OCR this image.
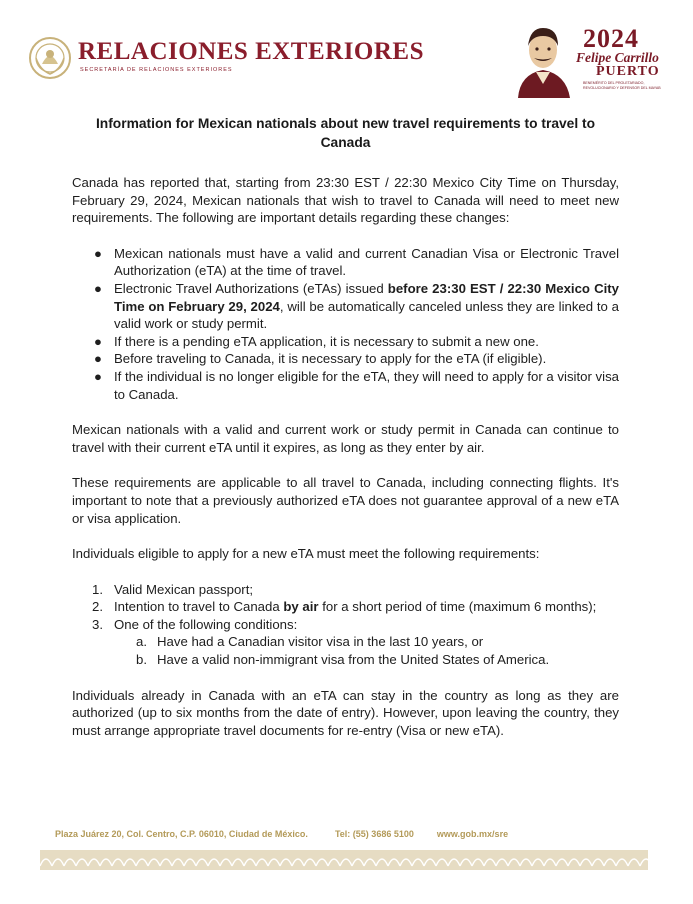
RELACIONES EXTERIORES
SECRETARÍA DE RELACIONES EXTERIORES
2024
Felipe Carrillo
PUERTO
BENEMÉRITO DEL PROLETARIADO, REVOLUCIONARIO Y DEFENSOR DEL MAYAB
Information for Mexican nationals about new travel requirements to travel to Canada

Canada has reported that, starting from 23:30 EST / 22:30 Mexico City Time on Thursday, February 29, 2024, Mexican nationals that wish to travel to Canada will need to meet new requirements. The following are important details regarding these changes:

● Mexican nationals must have a valid and current Canadian Visa or Electronic Travel Authorization (eTA) at the time of travel.
● Electronic Travel Authorizations (eTAs) issued before 23:30 EST / 22:30 Mexico City Time on February 29, 2024, will be automatically canceled unless they are linked to a valid work or study permit.
● If there is a pending eTA application, it is necessary to submit a new one.
● Before traveling to Canada, it is necessary to apply for the eTA (if eligible).
● If the individual is no longer eligible for the eTA, they will need to apply for a visitor visa to Canada.

Mexican nationals with a valid and current work or study permit in Canada can continue to travel with their current eTA until it expires, as long as they enter by air.

These requirements are applicable to all travel to Canada, including connecting flights. It's important to note that a previously authorized eTA does not guarantee approval of a new eTA or visa application.

Individuals eligible to apply for a new eTA must meet the following requirements:

1. Valid Mexican passport;
2. Intention to travel to Canada by air for a short period of time (maximum 6 months);
3. One of the following conditions:
a. Have had a Canadian visitor visa in the last 10 years, or
b. Have a valid non-immigrant visa from the United States of America.

Individuals already in Canada with an eTA can stay in the country as long as they are authorized (up to six months from the date of entry). However, upon leaving the country, they must arrange appropriate travel documents for re-entry (Visa or new eTA).

Plaza Juárez 20, Col. Centro, C.P. 06010, Ciudad de México.	Tel: (55) 3686 5100	www.gob.mx/sre
